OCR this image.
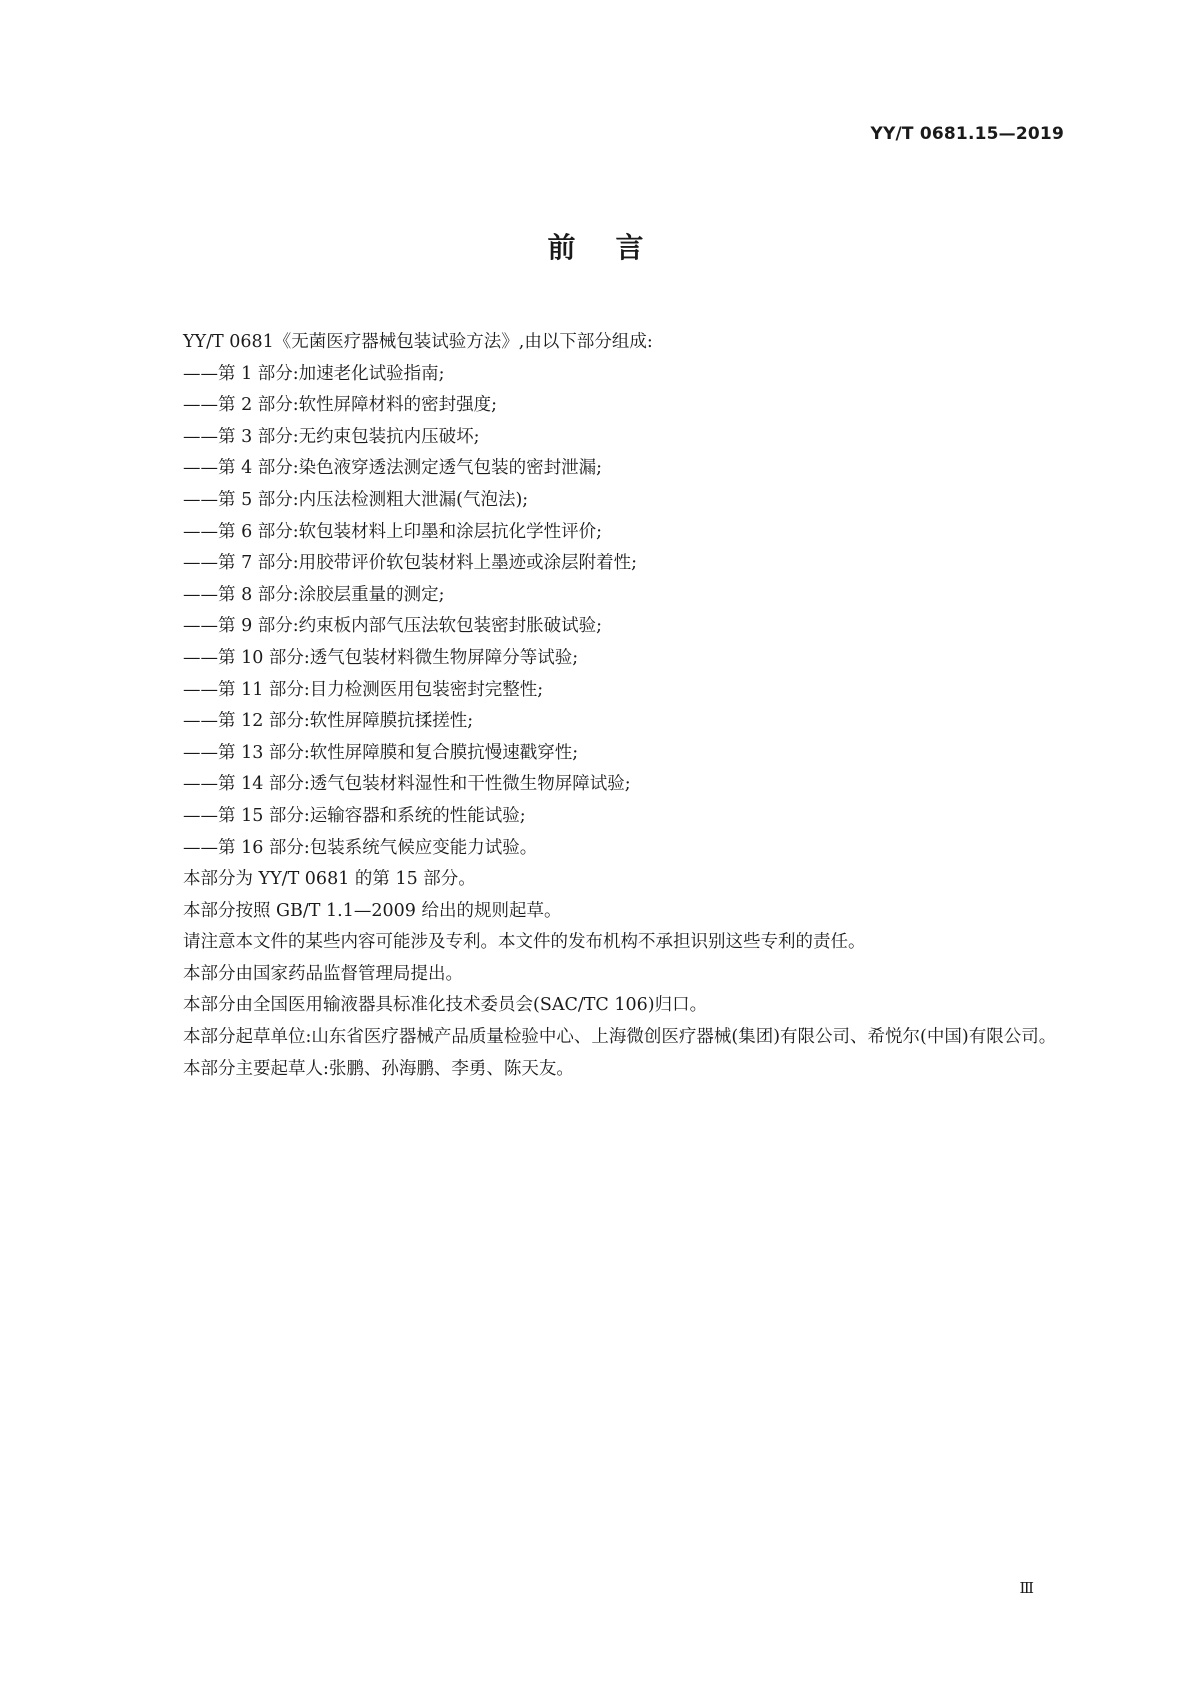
YY/T 0681.15—2019
前言

YY/T 0681《无菌医疗器械包装试验方法》,由以下部分组成:

——第 1 部分:加速老化试验指南;
——第 2 部分:软性屏障材料的密封强度;
——第 3 部分:无约束包装抗内压破坏;
——第 4 部分:染色液穿透法测定透气包装的密封泄漏;
——第 5 部分:内压法检测粗大泄漏(气泡法);
——第 6 部分:软包装材料上印墨和涂层抗化学性评价;
——第 7 部分:用胶带评价软包装材料上墨迹或涂层附着性;
——第 8 部分:涂胶层重量的测定;
——第 9 部分:约束板内部气压法软包装密封胀破试验;
——第 10 部分:透气包装材料微生物屏障分等试验;
——第 11 部分:目力检测医用包装密封完整性;
——第 12 部分:软性屏障膜抗揉搓性;
——第 13 部分:软性屏障膜和复合膜抗慢速戳穿性;
——第 14 部分:透气包装材料湿性和干性微生物屏障试验;
——第 15 部分:运输容器和系统的性能试验;
——第 16 部分:包装系统气候应变能力试验。

本部分为 YY/T 0681 的第 15 部分。

本部分按照 GB/T 1.1—2009 给出的规则起草。

请注意本文件的某些内容可能涉及专利。本文件的发布机构不承担识别这些专利的责任。

本部分由国家药品监督管理局提出。

本部分由全国医用输液器具标准化技术委员会(SAC/TC 106)归口。

本部分起草单位:山东省医疗器械产品质量检验中心、上海微创医疗器械(集团)有限公司、希悦尔(中国)有限公司。

本部分主要起草人:张鹏、孙海鹏、李勇、陈天友。

Ⅲ
